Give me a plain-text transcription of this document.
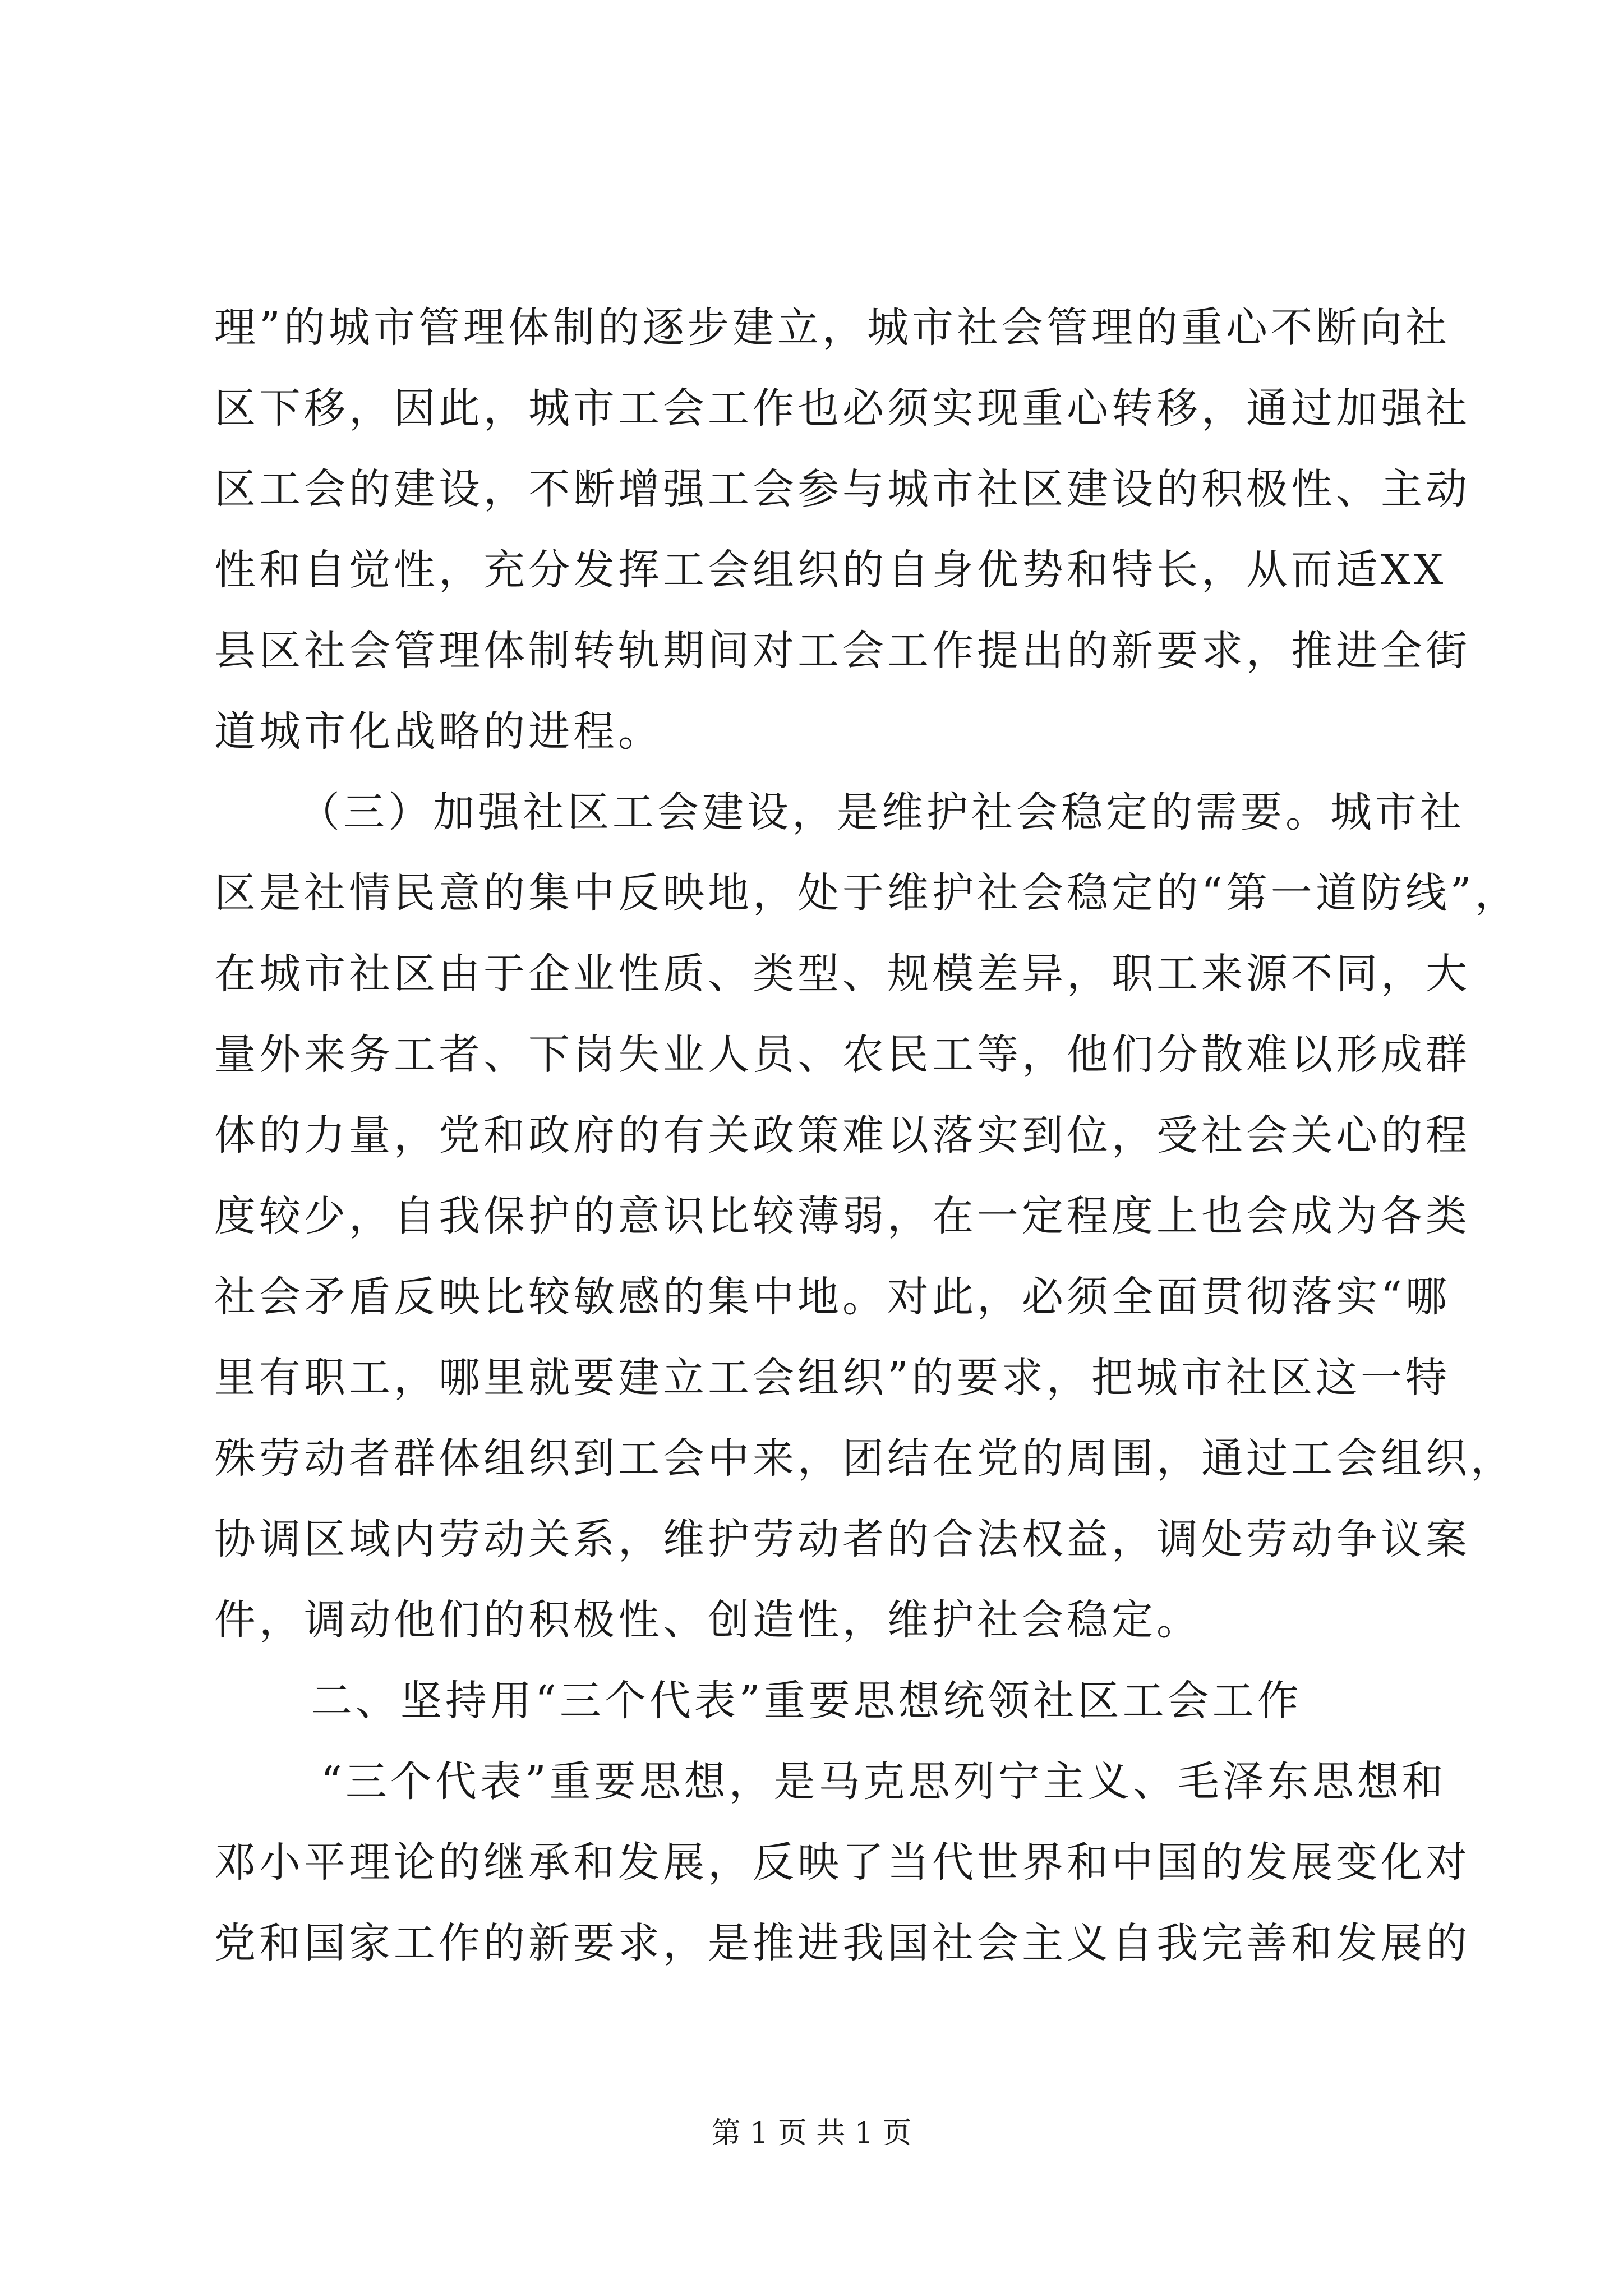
理”的城市管理体制的逐步建立，城市社会管理的重心不断向社
区下移，因此，城市工会工作也必须实现重心转移，通过加强社
区工会的建设，不断增强工会参与城市社区建设的积极性、主动
性和自觉性，充分发挥工会组织的自身优势和特长，从而适XX
县区社会管理体制转轨期间对工会工作提出的新要求，推进全街
道城市化战略的进程。
（三）加强社区工会建设，是维护社会稳定的需要。城市社
区是社情民意的集中反映地，处于维护社会稳定的“第一道防线”，
在城市社区由于企业性质、类型、规模差异，职工来源不同，大
量外来务工者、下岗失业人员、农民工等，他们分散难以形成群
体的力量，党和政府的有关政策难以落实到位，受社会关心的程
度较少，自我保护的意识比较薄弱，在一定程度上也会成为各类
社会矛盾反映比较敏感的集中地。对此，必须全面贯彻落实“哪
里有职工，哪里就要建立工会组织”的要求，把城市社区这一特
殊劳动者群体组织到工会中来，团结在党的周围，通过工会组织，
协调区域内劳动关系，维护劳动者的合法权益，调处劳动争议案
件，调动他们的积极性、创造性，维护社会稳定。
二、坚持用“三个代表”重要思想统领社区工会工作
“三个代表”重要思想，是马克思列宁主义、毛泽东思想和
邓小平理论的继承和发展，反映了当代世界和中国的发展变化对
党和国家工作的新要求，是推进我国社会主义自我完善和发展的
第 1 页 共 1 页
